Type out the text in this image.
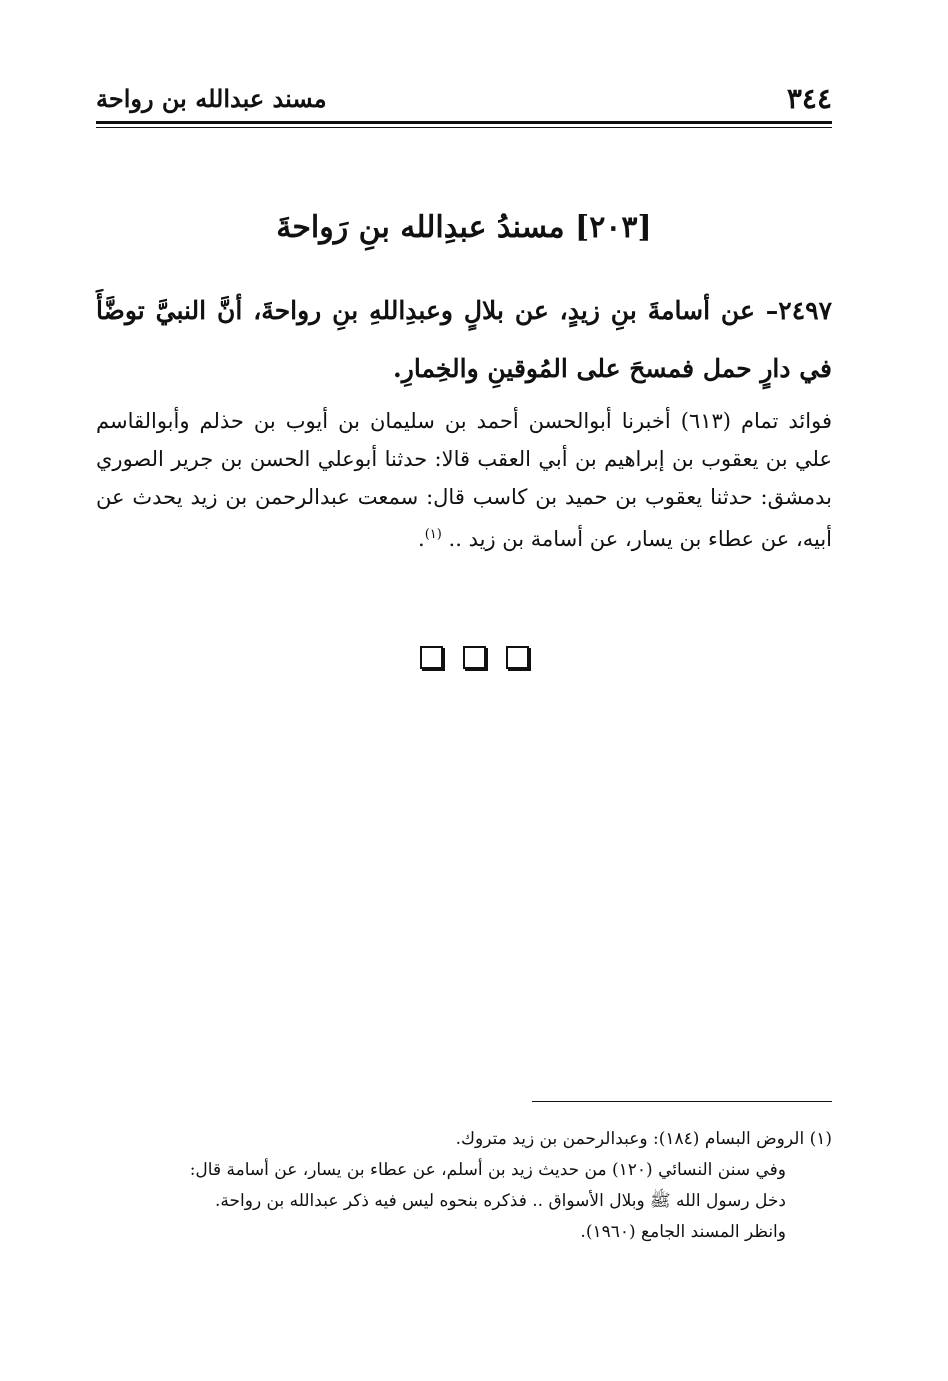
٣٤٤
مسند عبدالله بن رواحة
[٢٠٣] مسندُ عبدِالله بنِ رَواحةَ
٢٤٩٧– عن أسامةَ بنِ زيدٍ، عن بلالٍ وعبدِاللهِ بنِ رواحةَ، أنَّ النبيَّ توضَّأَ في دارٍ حمل فمسحَ على المُوقينِ والخِمارِ.
فوائد تمام (٦١٣) أخبرنا أبوالحسن أحمد بن سليمان بن أيوب بن حذلم وأبوالقاسم علي بن يعقوب بن إبراهيم بن أبي العقب قالا: حدثنا أبوعلي الحسن بن جرير الصوري بدمشق: حدثنا يعقوب بن حميد بن كاسب قال: سمعت عبدالرحمن بن زيد يحدث عن أبيه، عن عطاء بن يسار، عن أسامة بن زيد .. $^{(١)}$.

(١) الروض البسام (١٨٤): وعبدالرحمن بن زيد متروك.

وفي سنن النسائي (١٢٠) من حديث زيد بن أسلم، عن عطاء بن يسار، عن أسامة قال:

دخل رسول الله ﷺ وبلال الأسواق .. فذكره بنحوه ليس فيه ذكر عبدالله بن رواحة.

وانظر المسند الجامع (١٩٦٠).
